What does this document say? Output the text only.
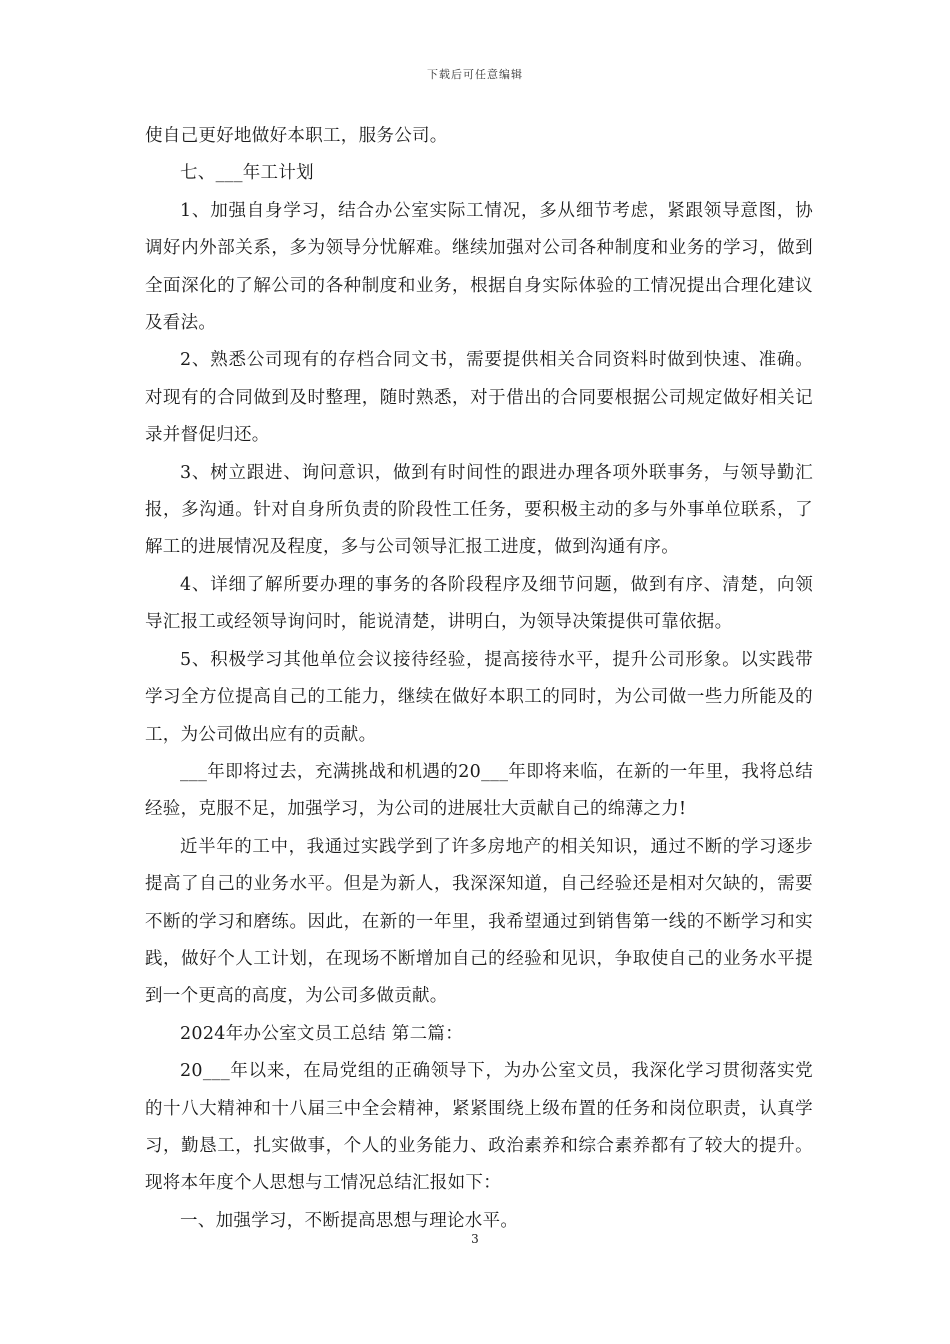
下载后可任意编辑

使自己更好地做好本职工，服务公司。

七、___年工计划

1、加强自身学习，结合办公室实际工情况，多从细节考虑，紧跟领导意图，协调好内外部关系，多为领导分忧解难。继续加强对公司各种制度和业务的学习，做到全面深化的了解公司的各种制度和业务，根据自身实际体验的工情况提出合理化建议及看法。

2、熟悉公司现有的存档合同文书，需要提供相关合同资料时做到快速、准确。对现有的合同做到及时整理，随时熟悉，对于借出的合同要根据公司规定做好相关记录并督促归还。

3、树立跟进、询问意识，做到有时间性的跟进办理各项外联事务，与领导勤汇报，多沟通。针对自身所负责的阶段性工任务，要积极主动的多与外事单位联系，了解工的进展情况及程度，多与公司领导汇报工进度，做到沟通有序。

4、详细了解所要办理的事务的各阶段程序及细节问题，做到有序、清楚，向领导汇报工或经领导询问时，能说清楚，讲明白，为领导决策提供可靠依据。

5、积极学习其他单位会议接待经验，提高接待水平，提升公司形象。以实践带学习全方位提高自己的工能力，继续在做好本职工的同时，为公司做一些力所能及的工，为公司做出应有的贡献。

___年即将过去，充满挑战和机遇的20___年即将来临，在新的一年里，我将总结经验，克服不足，加强学习，为公司的进展壮大贡献自己的绵薄之力!

近半年的工中，我通过实践学到了许多房地产的相关知识，通过不断的学习逐步提高了自己的业务水平。但是为新人，我深深知道，自己经验还是相对欠缺的，需要不断的学习和磨练。因此，在新的一年里，我希望通过到销售第一线的不断学习和实践，做好个人工计划，在现场不断增加自己的经验和见识，争取使自己的业务水平提到一个更高的高度，为公司多做贡献。

2024年办公室文员工总结 第二篇：

20___年以来，在局党组的正确领导下，为办公室文员，我深化学习贯彻落实党的十八大精神和十八届三中全会精神，紧紧围绕上级布置的任务和岗位职责，认真学习，勤恳工，扎实做事，个人的业务能力、政治素养和综合素养都有了较大的提升。现将本年度个人思想与工情况总结汇报如下：

一、加强学习，不断提高思想与理论水平。

3
